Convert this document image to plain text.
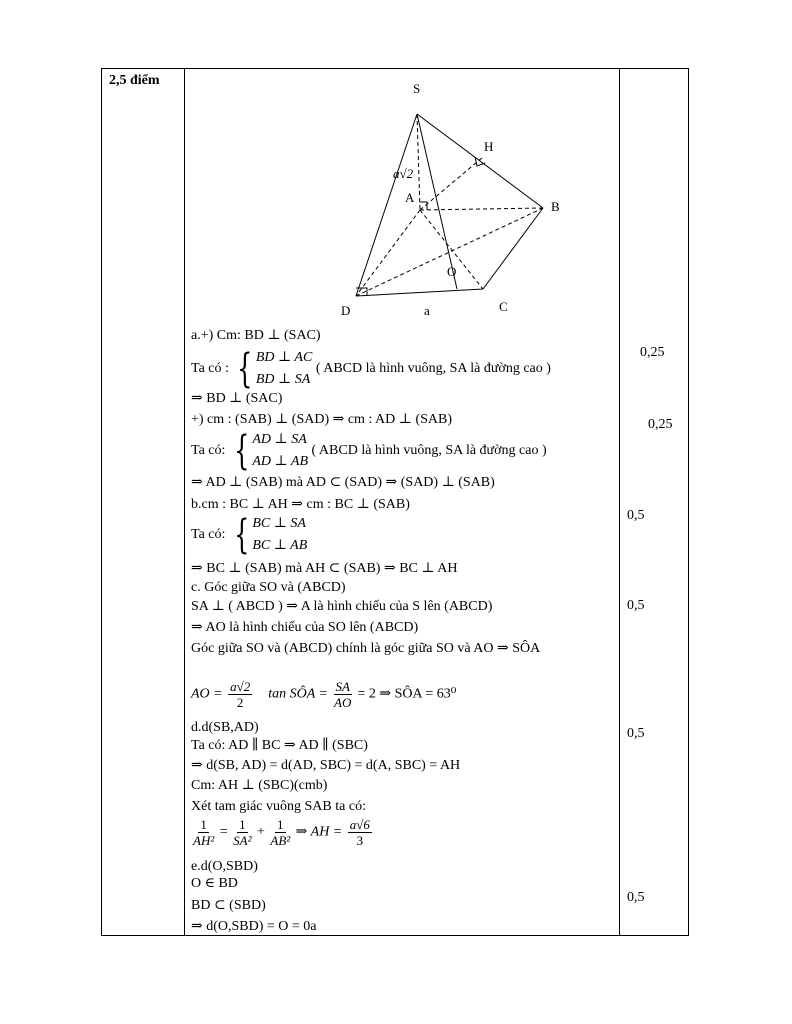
2,5 điểm
S
H
A
B
O
C
D	a
a√2
a.+) Cm: BD ⊥ (SAC)
Ta có : { BD ⊥ AC
BD ⊥ SA
( ABCD là hình vuông, SA là đường cao )
⇒ BD ⊥ (SAC)
+) cm : (SAB) ⊥ (SAD) ⇒ cm : AD ⊥ (SAB)
Ta có: { AD ⊥ SA
AD ⊥ AB
( ABCD là hình vuông, SA là đường cao )
⇒ AD ⊥ (SAB) mà AD ⊂ (SAD) ⇒ (SAD) ⊥ (SAB)
b.cm : BC ⊥ AH ⇒ cm : BC ⊥ (SAB)
Ta có: { BC ⊥ SA
BC ⊥ AB
⇒ BC ⊥ (SAB) mà AH ⊂ (SAB) ⇒ BC ⊥ AH
c. Góc giữa SO và (ABCD)
SA ⊥ ( ABCD ) ⇒ A là hình chiếu của S lên (ABCD)
⇒ AO là hình chiếu của SO lên (ABCD)
Góc giữa SO và (ABCD) chính là góc giữa SO và AO ⇒ SÔA
AO = $\frac{a√2}{2}$ tan SÔA = $\frac{SA}{AO} = 2$ ⇒ SÔA = 63⁰
d.d(SB,AD)
Ta có: AD ∥ BC ⇒ AD ∥ (SBC)
⇒ d(SB, AD) = d(AD, SBC) = d(A, SBC) = AH
Cm: AH ⊥ (SBC)(cmb)
Xét tam giác vuông SAB ta có:
$\frac{1}{\text{AH²}} = \frac{1}{\text{SA²}} + \frac{1}{\text{AB²}}$ ⇒ AH = $\frac{a√6}{3}$
e.d(O,SBD)
O ∈ BD
BD ⊂ (SBD)
⇒ d(O,SBD) = O = 0a
0,25
0,25
0,5
0,5
0,5
0,5
